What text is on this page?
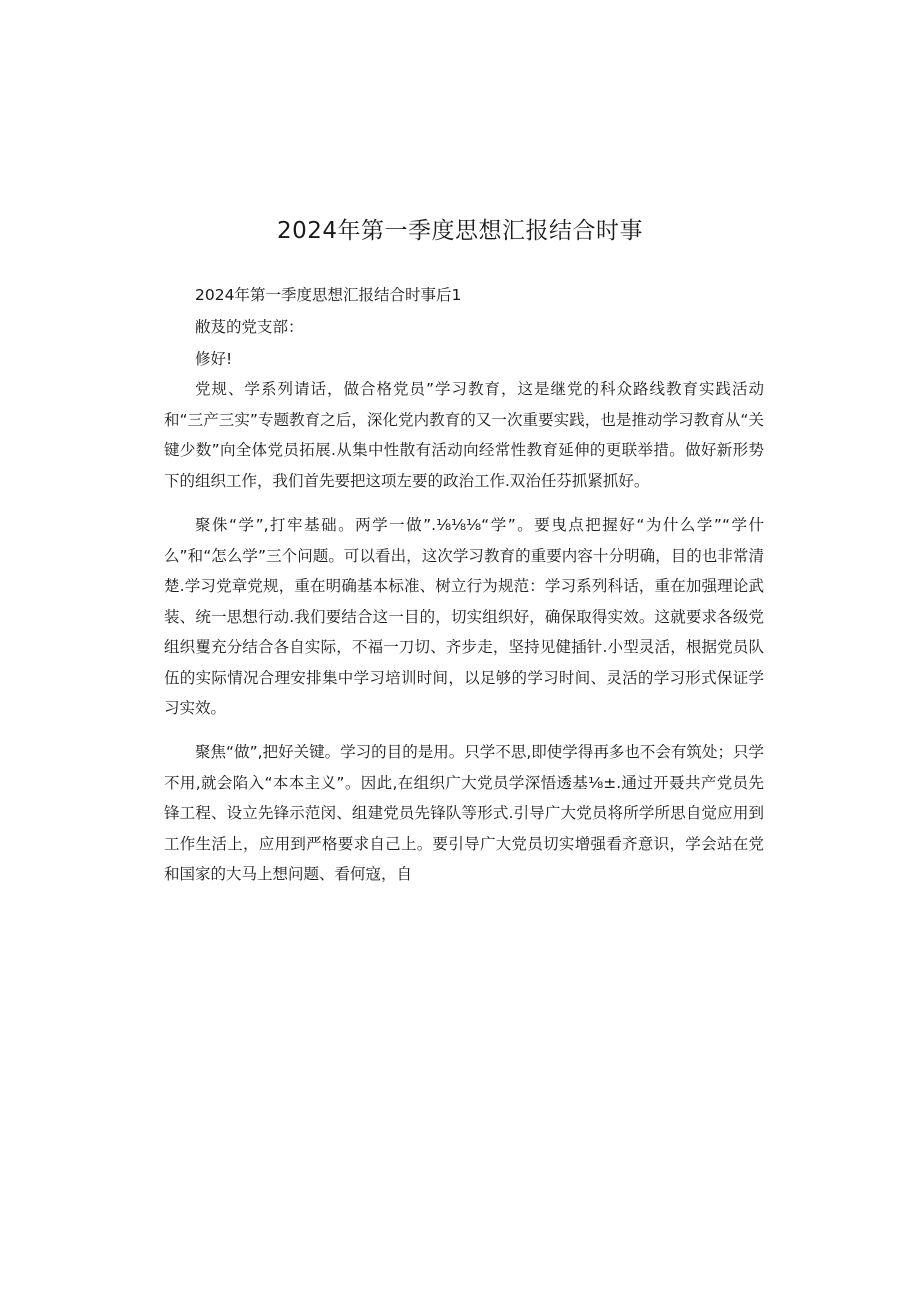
2024年第一季度思想汇报结合时事

2024年第一季度思想汇报结合时事后1

敝芨的党支部：

修好!

党规、学系列请话，做合格党员”学习教育，这是继党的科众路线教育实践活动和“三产三实”专题教育之后，深化党内教育的又一次重要实践，也是推动学习教育从“关键少数”向全体党员拓展.从集中性散有活动向经常性教育延伸的更联举措。做好新形势下的组织工作，我们首先要把这项左要的政治工作.双治任芬抓紧抓好。

聚侏“学”,打牢基础。两学一做”.⅛⅛⅛“学”。要曳点把握好“为什么学”“学什么”和“怎么学”三个问题。可以看出，这次学习教育的重要内容十分明确，目的也非常清楚.学习党章党规，重在明确基本标准、树立行为规范：学习系列科话，重在加强理论武装、统一思想行动.我们要结合这一目的，切实组织好，确保取得实效。这就要求各级党组织矍充分结合各自实际，不福一刀切、齐步走，坚持见健插针.小型灵活，根据党员队伍的实际情况合理安排集中学习培训时间，以足够的学习时间、灵活的学习形式保证学习实效。

聚焦“做”,把好关键。学习的目的是用。只学不思,即使学得再多也不会有筑处；只学不用,就会陷入“本本主义”。因此,在组织广大党员学深悟透基⅛±.通过开聂共产党员先锋工程、设立先锋示范闵、组建党员先锋队等形式.引导广大党员将所学所思自觉应用到工作生活上，应用到严格要求自己上。要引导广大党员切实增强看齐意识，学会站在党和国家的大马上想问题、看何寇，自
